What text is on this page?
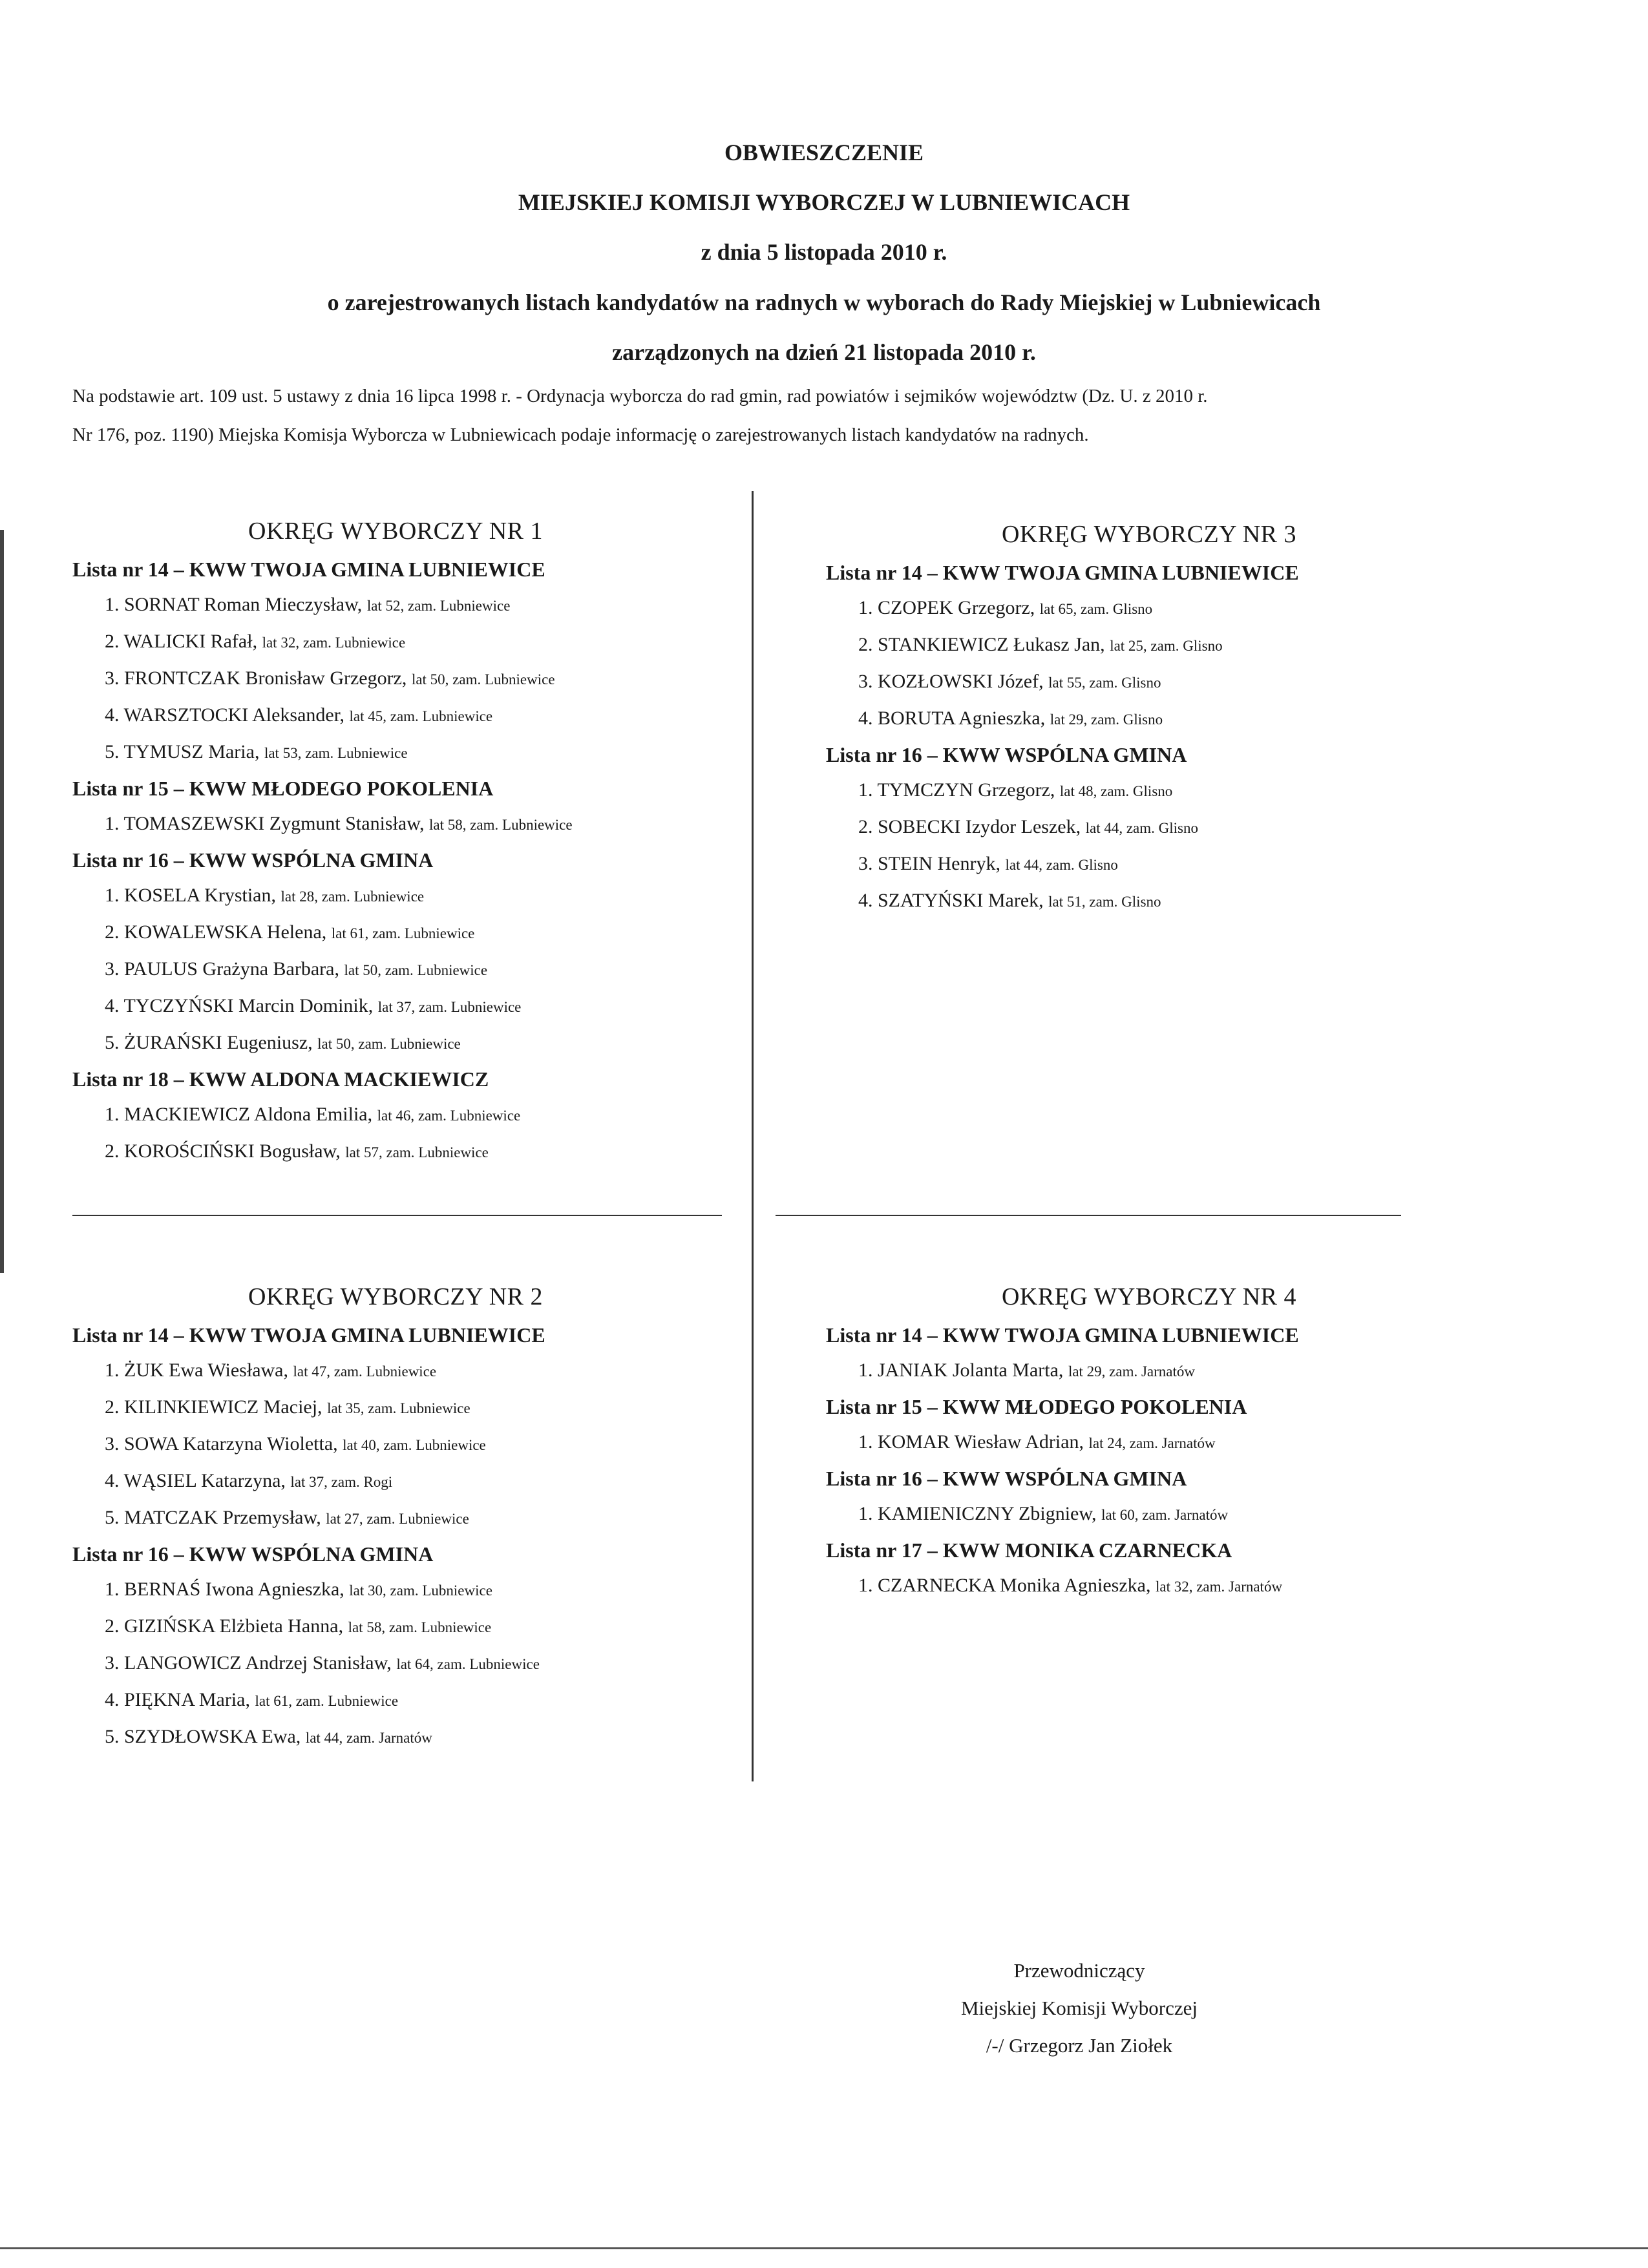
OBWIESZCZENIE
MIEJSKIEJ KOMISJI WYBORCZEJ W LUBNIEWICACH
z dnia 5 listopada 2010 r.
o zarejestrowanych listach kandydatów na radnych w wyborach do Rady Miejskiej w Lubniewicach
zarządzonych na dzień 21 listopada 2010 r.
Na podstawie art. 109 ust. 5 ustawy z dnia 16 lipca 1998 r. - Ordynacja wyborcza do rad gmin, rad powiatów i sejmików województw (Dz. U. z 2010 r.
Nr 176, poz. 1190) Miejska Komisja Wyborcza w Lubniewicach podaje informację o zarejestrowanych listach kandydatów na radnych.
OKRĘG WYBORCZY NR 1
Lista nr 14 – KWW TWOJA GMINA LUBNIEWICE
1. SORNAT Roman Mieczysław, lat 52, zam. Lubniewice
2. WALICKI Rafał, lat 32, zam. Lubniewice
3. FRONTCZAK Bronisław Grzegorz, lat 50, zam. Lubniewice
4. WARSZTOCKI Aleksander, lat 45, zam. Lubniewice
5. TYMUSZ Maria, lat 53, zam. Lubniewice
Lista nr 15 – KWW MŁODEGO POKOLENIA
1. TOMASZEWSKI Zygmunt Stanisław, lat 58, zam. Lubniewice
Lista nr 16 – KWW WSPÓLNA GMINA
1. KOSELA Krystian, lat 28, zam. Lubniewice
2. KOWALEWSKA Helena, lat 61, zam. Lubniewice
3. PAULUS Grażyna Barbara, lat 50, zam. Lubniewice
4. TYCZYŃSKI Marcin Dominik, lat 37, zam. Lubniewice
5. ŻURAŃSKI Eugeniusz, lat 50, zam. Lubniewice
Lista nr 18 – KWW ALDONA MACKIEWICZ
1. MACKIEWICZ Aldona Emilia, lat 46, zam. Lubniewice
2. KOROŚCIŃSKI Bogusław, lat 57, zam. Lubniewice
OKRĘG WYBORCZY NR 3
Lista nr 14 – KWW TWOJA GMINA LUBNIEWICE
1. CZOPEK Grzegorz, lat 65, zam. Glisno
2. STANKIEWICZ Łukasz Jan, lat 25, zam. Glisno
3. KOZŁOWSKI Józef, lat 55, zam. Glisno
4. BORUTA Agnieszka, lat 29, zam. Glisno
Lista nr 16 – KWW WSPÓLNA GMINA
1. TYMCZYN Grzegorz, lat 48, zam. Glisno
2. SOBECKI Izydor Leszek, lat 44, zam. Glisno
3. STEIN Henryk, lat 44, zam. Glisno
4. SZATYŃSKI Marek, lat 51, zam. Glisno
OKRĘG WYBORCZY NR 2
Lista nr 14 – KWW TWOJA GMINA LUBNIEWICE
1. ŻUK Ewa Wiesława, lat 47, zam. Lubniewice
2. KILINKIEWICZ Maciej, lat 35, zam. Lubniewice
3. SOWA Katarzyna Wioletta, lat 40, zam. Lubniewice
4. WĄSIEL Katarzyna, lat 37, zam. Rogi
5. MATCZAK Przemysław, lat 27, zam. Lubniewice
Lista nr 16 – KWW WSPÓLNA GMINA
1. BERNAŚ Iwona Agnieszka, lat 30, zam. Lubniewice
2. GIZIŃSKA Elżbieta Hanna, lat 58, zam. Lubniewice
3. LANGOWICZ Andrzej Stanisław, lat 64, zam. Lubniewice
4. PIĘKNA Maria, lat 61, zam. Lubniewice
5. SZYDŁOWSKA Ewa, lat 44, zam. Jarnatów
OKRĘG WYBORCZY NR 4
Lista nr 14 – KWW TWOJA GMINA LUBNIEWICE
1. JANIAK Jolanta Marta, lat 29, zam. Jarnatów
Lista nr 15 – KWW MŁODEGO POKOLENIA
1. KOMAR Wiesław Adrian, lat 24, zam. Jarnatów
Lista nr 16 – KWW WSPÓLNA GMINA
1. KAMIENICZNY Zbigniew, lat 60, zam. Jarnatów
Lista nr 17 – KWW MONIKA CZARNECKA
1. CZARNECKA Monika Agnieszka, lat 32, zam. Jarnatów
Przewodniczący
Miejskiej Komisji Wyborczej
/-/ Grzegorz Jan Ziołek
